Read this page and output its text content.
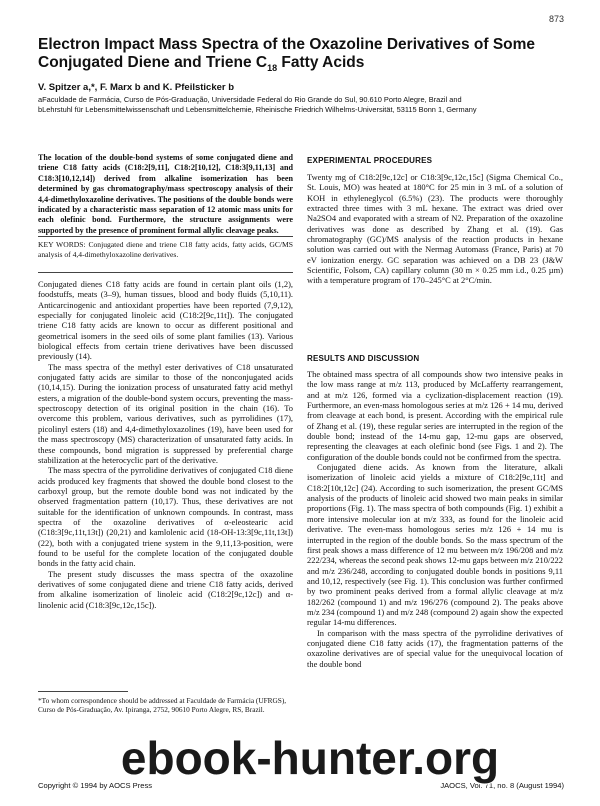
873
Electron Impact Mass Spectra of the Oxazoline Derivatives of Some Conjugated Diene and Triene $C_{18}$ Fatty Acids
V. Spitzer a,*, F. Marx b and K. Pfeilsticker b
aFaculdade de Farmácia, Curso de Pós-Graduação, Universidade Federal do Rio Grande do Sul, 90.610 Porto Alegre, Brazil and
bLehrstuhl für Lebensmittelwissenschaft und Lebensmittelchemie, Rheinische Friedrich Wilhelms-Universität, 53115 Bonn 1, Germany

The location of the double-bond systems of some conjugated diene and triene C18 fatty acids (C18:2[9,11], C18:2[10,12], C18:3[9,11,13] and C18:3[10,12,14]) derived from alkaline isomerization has been determined by gas chromatography/mass spectroscopy analysis of their 4,4-dimethyloxazoline derivatives. The positions of the double bonds were indicated by a characteristic mass separation of 12 atomic mass units for each olefinic bond. Furthermore, the structure assignments were supported by the presence of prominent formal allylic cleavage peaks.

KEY WORDS: Conjugated diene and triene C18 fatty acids, fatty acids, GC/MS analysis of 4,4-dimethyloxazoline derivatives.

Conjugated dienes C18 fatty acids are found in certain plant oils (1,2), foodstuffs, meats (3–9), human tissues, blood and body fluids (5,10,11). Anticarcinogenic and antioxidant properties have been reported (7,9,12), especially for conjugated linoleic acid (C18:2[9c,11t]). The conjugated triene C18 fatty acids are known to occur as different positional and geometrical isomers in the seed oils of some plant families (13). Various biological effects from certain triene derivatives have been discussed previously (14).

The mass spectra of the methyl ester derivatives of C18 unsaturated conjugated fatty acids are similar to those of the nonconjugated acids (10,14,15). During the ionization process of unsaturated fatty acid methyl esters, a migration of the double-bond system occurs, preventing the mass-spectroscopy detection of its original position in the chain (16). To overcome this problem, various derivatives, such as pyrrolidines (17), picolinyl esters (18) and 4,4-dimethyloxazolines (19), have been used for the mass spectroscopy (MS) characterization of unsaturated fatty acids. In these compounds, bond migration is suppressed by preferential charge stabilization at the heterocyclic part of the derivative.

The mass spectra of the pyrrolidine derivatives of conjugated C18 diene acids produced key fragments that showed the double bond closest to the carboxyl group, but the remote double bond was not indicated by the observed fragmentation pattern (10,17). Thus, these derivatives are not suitable for the identification of unknown compounds. In contrast, mass spectra of the oxazoline derivatives of α-eleostearic acid (C18:3[9c,11t,13t]) (20,21) and kamlolenic acid (18-OH-13:3[9c,11t,13t]) (22), both with a conjugated triene system in the 9,11,13-position, were found to be useful for the complete location of the conjugated double bonds in the fatty acid chain.

The present study discusses the mass spectra of the oxazoline derivatives of some conjugated diene and triene C18 fatty acids, derived from alkaline isomerization of linoleic acid (C18:2[9c,12c]) and α-linolenic acid (C18:3[9c,12c,15c]).

*To whom correspondence should be addressed at Faculdade de Farmácia (UFRGS), Curso de Pós-Graduação, Av. Ipiranga, 2752, 90610 Porto Alegre, RS, Brazil.

EXPERIMENTAL PROCEDURES

Twenty mg of C18:2[9c,12c] or C18:3[9c,12c,15c] (Sigma Chemical Co., St. Louis, MO) was heated at 180°C for 25 min in 3 mL of a solution of KOH in ethyleneglycol (6.5%) (23). The products were thoroughly extracted three times with 3 mL hexane. The extract was dried over Na2SO4 and evaporated with a stream of N2. Preparation of the oxazoline derivatives was done as described by Zhang et al. (19). Gas chromatography (GC)/MS analysis of the reaction products in hexane solution was carried out with the Nermag Automass (France, Paris) at 70 eV ionization energy. GC separation was achieved on a DB 23 (J&W Scientific, Folsom, CA) capillary column (30 m × 0.25 mm i.d., 0.25 µm) with a temperature program of 170–245°C at 2°C/min.

RESULTS AND DISCUSSION

The obtained mass spectra of all compounds show two intensive peaks in the low mass range at m/z 113, produced by McLafferty rearrangement, and at m/z 126, formed via a cyclization-displacement reaction (19). Furthermore, an even-mass homologous series at m/z 126 + 14 mu, derived from cleavage at each bond, is present. According with the empirical rule of Zhang et al. (19), these regular series are interrupted in the region of the double bond; instead of the 14-mu gap, 12-mu gaps are observed, representing the cleavages at each olefinic bond (see Figs. 1 and 2). The configuration of the double bonds could not be confirmed from the spectra.

Conjugated diene acids. As known from the literature, alkali isomerization of linoleic acid yields a mixture of C18:2[9c,11t] and C18:2[10t,12c] (24). According to such isomerization, the present GC/MS analysis of the products of linoleic acid showed two main peaks in similar proportions (Fig. 1). The mass spectra of both compounds (Fig. 1) exhibit a more intensive molecular ion at m/z 333, as found for the linoleic acid derivative. The even-mass homologous series m/z 126 + 14 mu is interrupted in the region of the double bonds. So the mass spectrum of the first peak shows a mass difference of 12 mu between m/z 196/208 and m/z 222/234, whereas the second peak shows 12-mu gaps between m/z 210/222 and m/z 236/248, according to conjugated double bonds in positions 9,11 and 10,12, respectively (see Fig. 1). This conclusion was further confirmed by two prominent peaks derived from a formal allylic cleavage at m/z 182/262 (compound 1) and m/z 196/276 (compound 2). The peaks above m/z 234 (compound 1) and m/z 248 (compound 2) again show the expected regular 14-mu differences.

In comparison with the mass spectra of the pyrrolidine derivatives of conjugated diene C18 fatty acids (17), the fragmentation patterns of the oxazoline derivatives are of special value for the unequivocal location of the double bond

Copyright © 1994 by AOCS Press	JAOCS, Vol. 71, no. 8 (August 1994)
ebook-hunter.org
